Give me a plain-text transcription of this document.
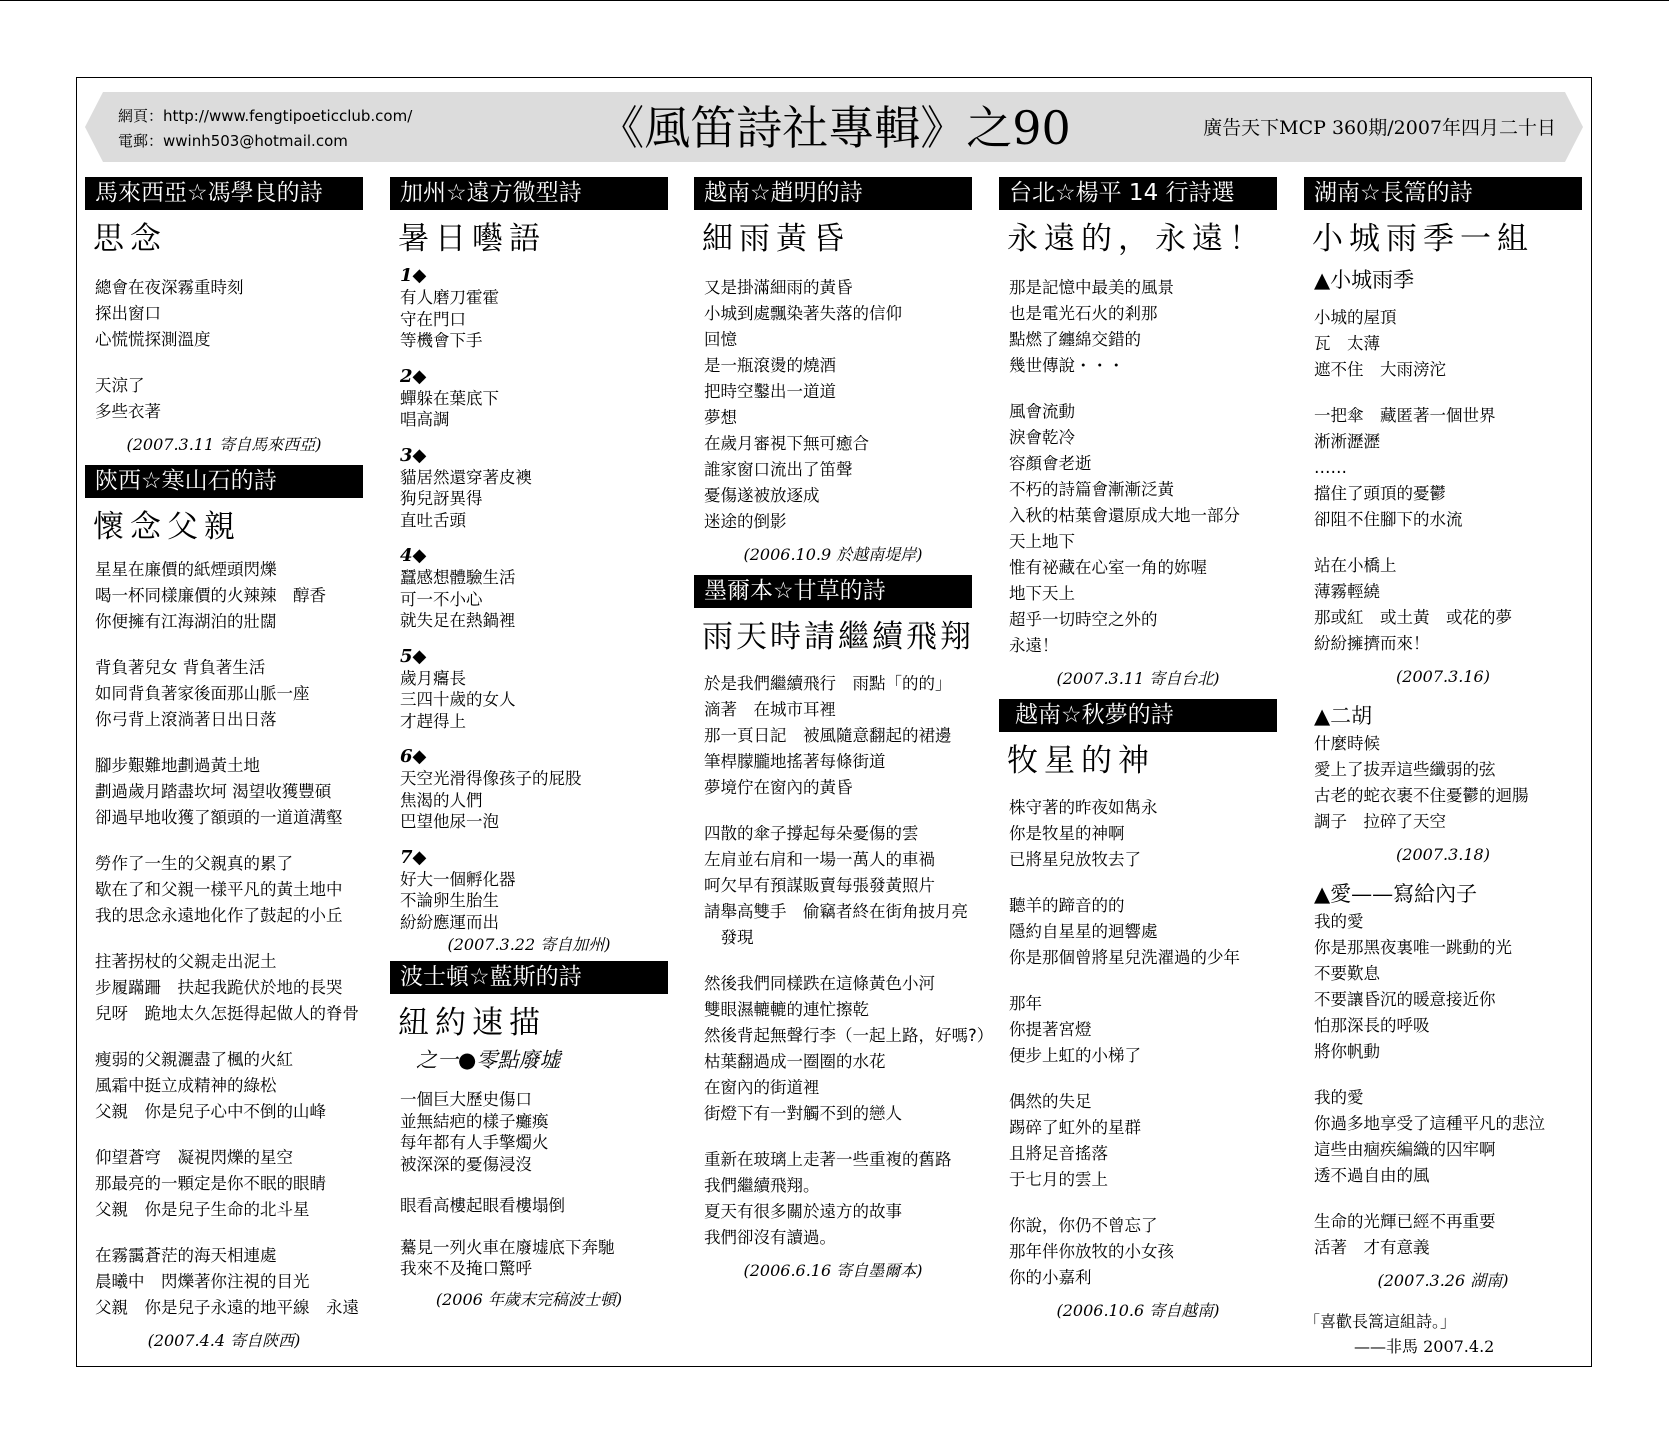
網頁：http://www.fengtipoeticclub.com/
電郵：wwinh503@hotmail.com	《風笛詩社專輯》之90	廣告天下MCP 360期/2007年四月二十日
馬來西亞☆馮學良的詩
思念
總會在夜深霧重時刻
探出窗口
心慌慌探測溫度
天涼了
多些衣著
(2007.3.11 寄自馬來西亞)
陝西☆寒山石的詩
懷念父親
星星在廉價的紙煙頭閃爍
喝一杯同樣廉價的火辣辣　醇香
你便擁有江海湖泊的壯闊
背負著兒女 背負著生活
如同背負著家後面那山脈一座
你弓背上滾淌著日出日落
腳步艱難地劃過黃土地
劃過歲月踏盡坎坷 渴望收獲豐碩
卻過早地收獲了額頭的一道道溝壑
勞作了一生的父親真的累了
歇在了和父親一樣平凡的黃土地中
我的思念永遠地化作了鼓起的小丘
拄著拐杖的父親走出泥土
步履蹣跚　扶起我跪伏於地的長哭
兒呀　跪地太久怎挺得起做人的脊骨
瘦弱的父親灑盡了楓的火紅
風霜中挺立成精神的綠松
父親　你是兒子心中不倒的山峰
仰望蒼穹　凝視閃爍的星空
那最亮的一顆定是你不眠的眼睛
父親　你是兒子生命的北斗星
在霧靄蒼茫的海天相連處
晨曦中　閃爍著你注視的目光
父親　你是兒子永遠的地平線　永遠
(2007.4.4 寄自陝西)
加州☆遠方微型詩
暑日囈語
1◆
有人磨刀霍霍
守在門口
等機會下手
2◆
蟬躲在葉底下
唱高調
3◆
貓居然還穿著皮襖
狗兒訝異得
直吐舌頭
4◆
蠶感想體驗生活
可一不小心
就失足在熱鍋裡
5◆
歲月癟長
三四十歲的女人
才趕得上
6◆
天空光滑得像孩子的屁股
焦渴的人們
巴望他尿一泡
7◆
好大一個孵化器
不論卵生胎生
紛紛應運而出
(2007.3.22 寄自加州)
波士頓☆藍斯的詩
紐約速描
之一●零點廢墟
一個巨大歷史傷口
並無結疤的樣子癱瘓
每年都有人手擎燭火
被深深的憂傷浸沒
眼看高樓起眼看樓塌倒
驀見一列火車在廢墟底下奔馳
我來不及掩口驚呼
(2006 年歲末完稿波士頓)
越南☆趙明的詩
細雨黃昏
又是掛滿細雨的黃昏
小城到處飄染著失落的信仰
回憶
是一瓶滾燙的燒酒
把時空鑿出一道道
夢想
在歲月審視下無可癒合
誰家窗口流出了笛聲
憂傷遂被放逐成
迷途的倒影
(2006.10.9 於越南堤岸)
墨爾本☆甘草的詩
雨天時請繼續飛翔
於是我們繼續飛行　雨點「的的」
滴著　在城市耳裡
那一頁日記　被風隨意翻起的裙邊
筆桿朦朧地搖著每條街道
夢境佇在窗內的黃昏
四散的傘子撐起每朵憂傷的雲
左肩並右肩和一場一萬人的車禍
呵欠早有預謀販賣每張發黃照片
請舉高雙手　偷竊者終在街角披月亮
　發現
然後我們同樣跌在這條黃色小河
雙眼濕轆轆的連忙擦乾
然後背起無聲行李（一起上路，好嗎?）
枯葉翻過成一圈圈的水花
在窗內的街道裡
街燈下有一對觸不到的戀人
重新在玻璃上走著一些重複的舊路
我們繼續飛翔。
夏天有很多關於遠方的故事
我們卻沒有讀過。
(2006.6.16 寄自墨爾本)
台北☆楊平 14 行詩選
永遠的，永遠！
那是記憶中最美的風景
也是電光石火的剎那
點燃了纏綿交錯的
幾世傳說・・・
風會流動
淚會乾冷
容顏會老逝
不朽的詩篇會漸漸泛黃
入秋的枯葉會還原成大地一部分
天上地下
惟有祕藏在心室一角的妳喔
地下天上
超乎一切時空之外的
永遠！
(2007.3.11 寄自台北)
越南☆秋夢的詩
牧星的神
株守著的昨夜如雋永
你是牧星的神啊
已將星兒放牧去了
聽羊的蹄音的的
隱約自星星的迴響處
你是那個曾將星兒洗濯過的少年
那年
你提著宮燈
便步上虹的小梯了
偶然的失足
踢碎了虹外的星群
且將足音搖落
于七月的雲上
你說，你仍不曾忘了
那年伴你放牧的小女孩
你的小嘉利
(2006.10.6 寄自越南)
湖南☆長篙的詩
小城雨季一組
▲小城雨季
小城的屋頂
瓦　太薄
遮不住　大雨滂沱
一把傘　藏匿著一個世界
淅淅瀝瀝
……
擋住了頭頂的憂鬱
卻阻不住腳下的水流
站在小橋上
薄霧輕繞
那或紅　或土黃　或花的夢
紛紛擁擠而來！
(2007.3.16)
▲二胡
什麼時候
愛上了拔弄這些纖弱的弦
古老的蛇衣裹不住憂鬱的迴腸
調子　拉碎了天空
(2007.3.18)
▲愛——寫給內子
我的愛
你是那黑夜裏唯一跳動的光
不要歎息
不要讓昏沉的暖意接近你
怕那深長的呼吸
將你帆動
我的愛
你過多地享受了這種平凡的悲泣
這些由痼疾編織的囚牢啊
透不過自由的風
生命的光輝已經不再重要
活著　才有意義
(2007.3.26 湖南)
「喜歡長篙這組詩。」
——非馬 2007.4.2
